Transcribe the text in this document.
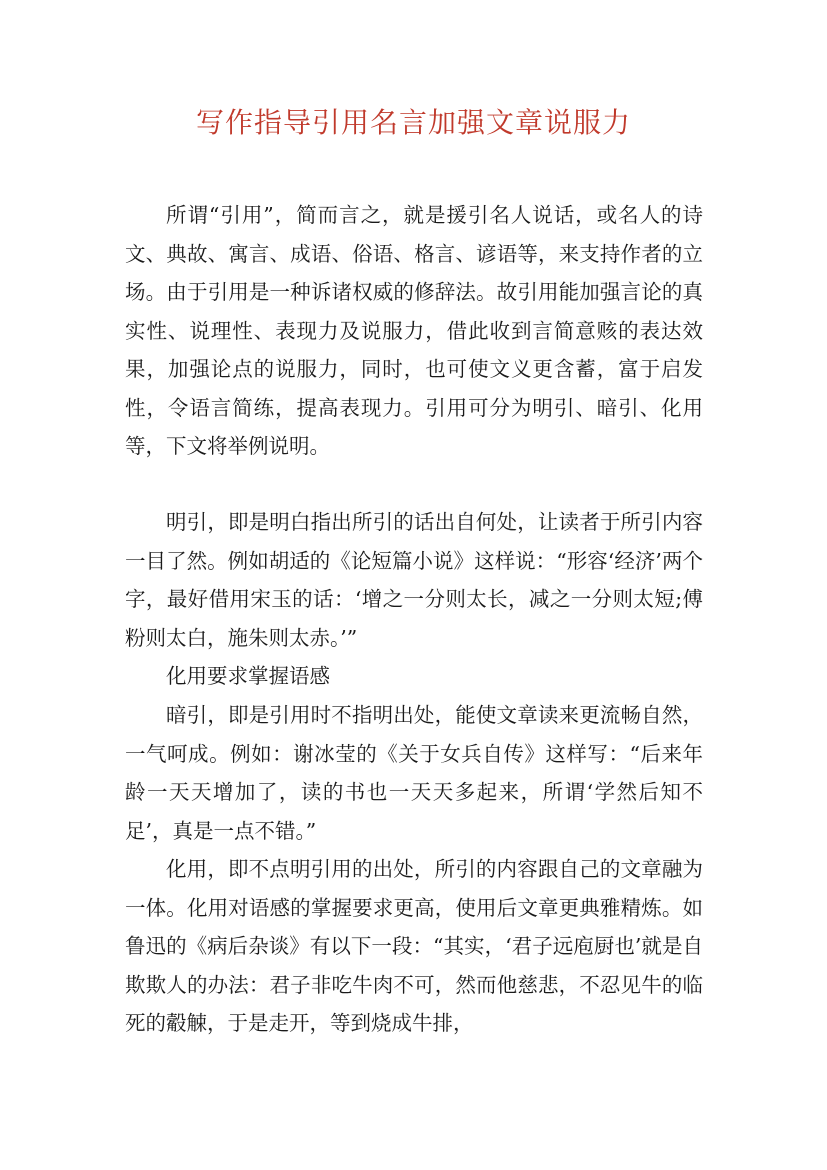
写作指导引用名言加强文章说服力

所谓“引用”，简而言之，就是援引名人说话，或名人的诗文、典故、寓言、成语、俗语、格言、谚语等，来支持作者的立场。由于引用是一种诉诸权威的修辞法。故引用能加强言论的真实性、说理性、表现力及说服力，借此收到言简意赅的表达效果，加强论点的说服力，同时，也可使文义更含蓄，富于启发性，令语言简练，提高表现力。引用可分为明引、暗引、化用等，下文将举例说明。

明引，即是明白指出所引的话出自何处，让读者于所引内容一目了然。例如胡适的《论短篇小说》这样说：“形容‘经济’两个字，最好借用宋玉的话：‘增之一分则太长，减之一分则太短;傅粉则太白，施朱则太赤。’”

化用要求掌握语感

暗引，即是引用时不指明出处，能使文章读来更流畅自然，一气呵成。例如：谢冰莹的《关于女兵自传》这样写：“后来年龄一天天增加了，读的书也一天天多起来，所谓‘学然后知不足’，真是一点不错。”

化用，即不点明引用的出处，所引的内容跟自己的文章融为一体。化用对语感的掌握要求更高，使用后文章更典雅精炼。如鲁迅的《病后杂谈》有以下一段：“其实，‘君子远庖厨也’就是自欺欺人的办法：君子非吃牛肉不可，然而他慈悲，不忍见牛的临死的觳觫，于是走开，等到烧成牛排，
